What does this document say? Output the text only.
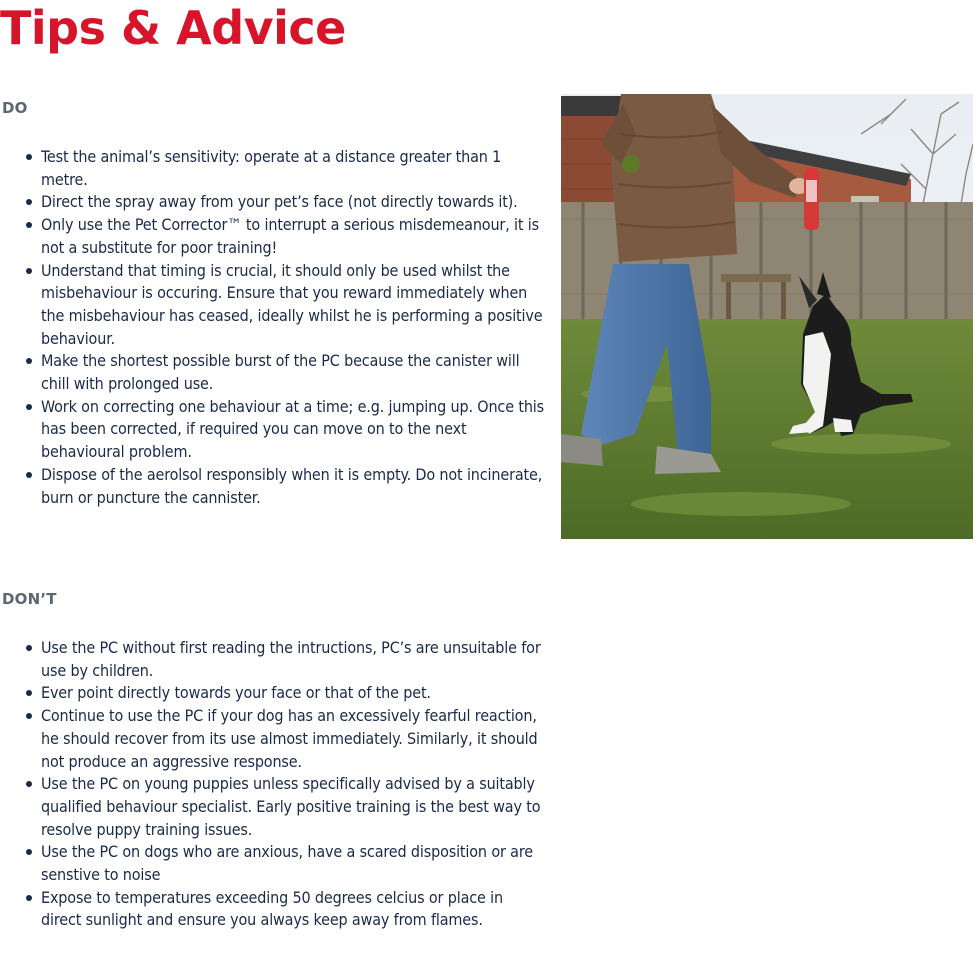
Tips & Advice
DO
Test the animal’s sensitivity: operate at a distance greater than 1 metre.
Direct the spray away from your pet’s face (not directly towards it).
Only use the Pet Corrector™ to interrupt a serious misdemeanour, it is not a substitute for poor training!
Understand that timing is crucial, it should only be used whilst the misbehaviour is occuring. Ensure that you reward immediately when the misbehaviour has ceased, ideally whilst he is performing a positive behaviour.
Make the shortest possible burst of the PC because the canister will chill with prolonged use.
Work on correcting one behaviour at a time; e.g. jumping up. Once this has been corrected, if required you can move on to the next behavioural problem.
Dispose of the aerolsol responsibly when it is empty. Do not incinerate, burn or puncture the cannister.
DON’T
Use the PC without first reading the intructions, PC’s are unsuitable for use by children.
Ever point directly towards your face or that of the pet.
Continue to use the PC if your dog has an excessively fearful reaction, he should recover from its use almost immediately. Similarly, it should not produce an aggressive response.
Use the PC on young puppies unless specifically advised by a suitably qualified behaviour specialist. Early positive training is the best way to resolve puppy training issues.
Use the PC on dogs who are anxious, have a scared disposition or are senstive to noise
Expose to temperatures exceeding 50 degrees celcius or place in direct sunlight and ensure you always keep away from flames.
